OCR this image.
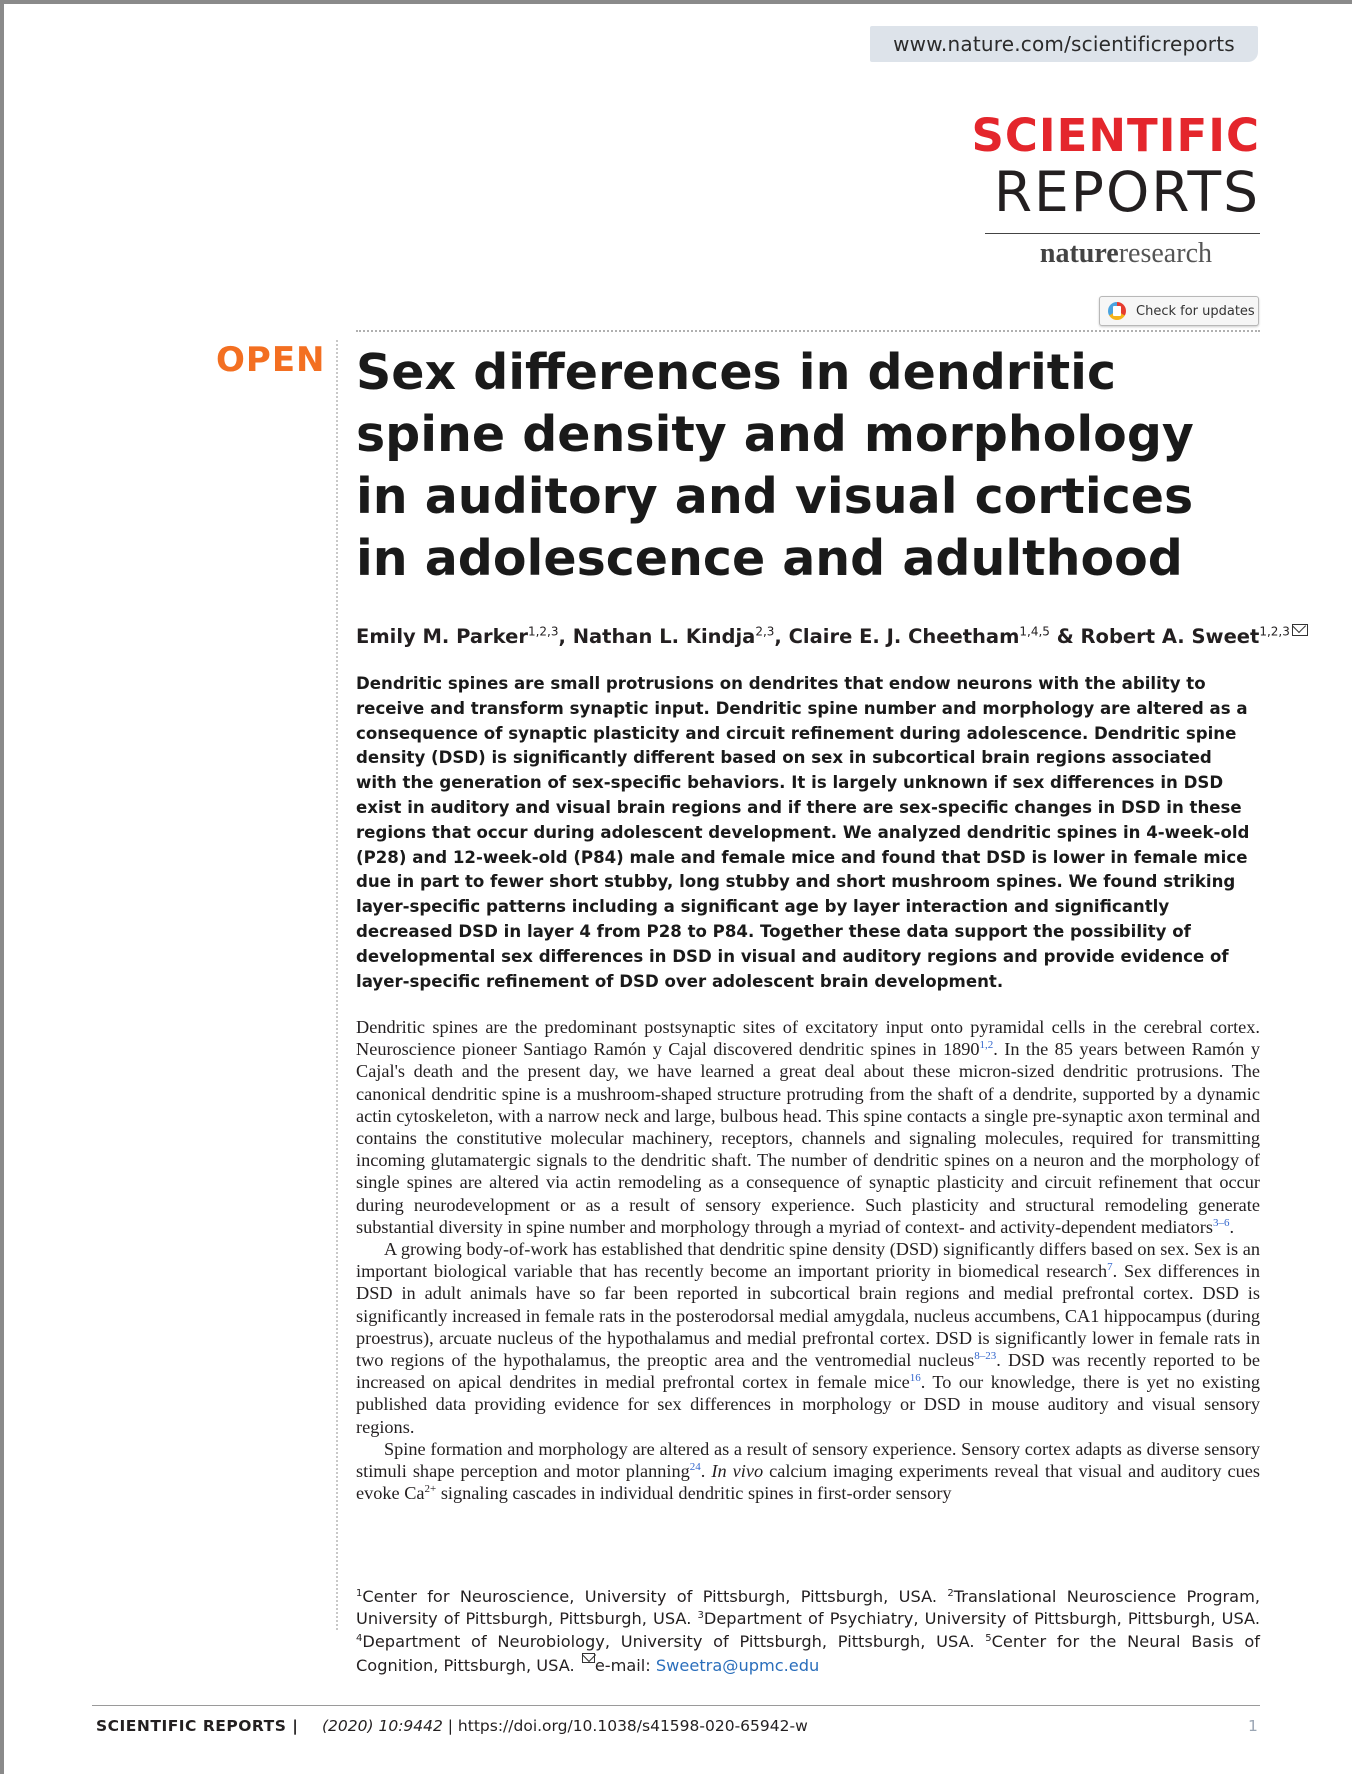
www.nature.com/scientificreports
SCIENTIFIC
REPORTS
natureresearch
Check for updates
OPEN Sex differences in dendritic spine density and morphology in auditory and visual cortices in adolescence and adulthood
Emily M. Parker$^{1,2,3}$, Nathan L. Kindja$^{2,3}$, Claire E. J. Cheetham$^{1,4,5}$ & Robert A. Sweet$^{1,2,3}$

Dendritic spines are small protrusions on dendrites that endow neurons with the ability to receive and transform synaptic input. Dendritic spine number and morphology are altered as a consequence of synaptic plasticity and circuit refinement during adolescence. Dendritic spine density (DSD) is significantly different based on sex in subcortical brain regions associated with the generation of sex-specific behaviors. It is largely unknown if sex differences in DSD exist in auditory and visual brain regions and if there are sex-specific changes in DSD in these regions that occur during adolescent development. We analyzed dendritic spines in 4-week-old (P28) and 12-week-old (P84) male and female mice and found that DSD is lower in female mice due in part to fewer short stubby, long stubby and short mushroom spines. We found striking layer-specific patterns including a significant age by layer interaction and significantly decreased DSD in layer 4 from P28 to P84. Together these data support the possibility of developmental sex differences in DSD in visual and auditory regions and provide evidence of layer-specific refinement of DSD over adolescent brain development.

Dendritic spines are the predominant postsynaptic sites of excitatory input onto pyramidal cells in the cerebral cortex. Neuroscience pioneer Santiago Ramón y Cajal discovered dendritic spines in 1890$^{1,2}$. In the 85 years between Ramón y Cajal's death and the present day, we have learned a great deal about these micron-sized dendritic protrusions. The canonical dendritic spine is a mushroom-shaped structure protruding from the shaft of a dendrite, supported by a dynamic actin cytoskeleton, with a narrow neck and large, bulbous head. This spine contacts a single pre-synaptic axon terminal and contains the constitutive molecular machinery, receptors, channels and signaling molecules, required for transmitting incoming glutamatergic signals to the dendritic shaft. The number of dendritic spines on a neuron and the morphology of single spines are altered via actin remodeling as a consequence of synaptic plasticity and circuit refinement that occur during neurodevelopment or as a result of sensory experience. Such plasticity and structural remodeling generate substantial diversity in spine number and morphology through a myriad of context- and activity-dependent mediators$^{3-6}$.

A growing body-of-work has established that dendritic spine density (DSD) significantly differs based on sex. Sex is an important biological variable that has recently become an important priority in biomedical research$^7$. Sex differences in DSD in adult animals have so far been reported in subcortical brain regions and medial prefrontal cortex. DSD is significantly increased in female rats in the posterodorsal medial amygdala, nucleus accumbens, CA1 hippocampus (during proestrus), arcuate nucleus of the hypothalamus and medial prefrontal cortex. DSD is significantly lower in female rats in two regions of the hypothalamus, the preoptic area and the ventromedial nucleus$^{8-23}$. DSD was recently reported to be increased on apical dendrites in medial prefrontal cortex in female mice$^{16}$. To our knowledge, there is yet no existing published data providing evidence for sex differences in morphology or DSD in mouse auditory and visual sensory regions.

Spine formation and morphology are altered as a result of sensory experience. Sensory cortex adapts as diverse sensory stimuli shape perception and motor planning$^{24}$. In vivo calcium imaging experiments reveal that visual and auditory cues evoke $Ca^{2+}$ signaling cascades in individual dendritic spines in first-order sensory

$^1$Center for Neuroscience, University of Pittsburgh, Pittsburgh, USA. $^2$Translational Neuroscience Program, University of Pittsburgh, Pittsburgh, USA. $^3$Department of Psychiatry, University of Pittsburgh, Pittsburgh, USA. $^4$Department of Neurobiology, University of Pittsburgh, Pittsburgh, USA. $^5$Center for the Neural Basis of Cognition, Pittsburgh, USA. e-mail: Sweetra@upmc.edu
SCIENTIFIC REPORTS | (2020) 10:9442 | https://doi.org/10.1038/s41598-020-65942-w	1
